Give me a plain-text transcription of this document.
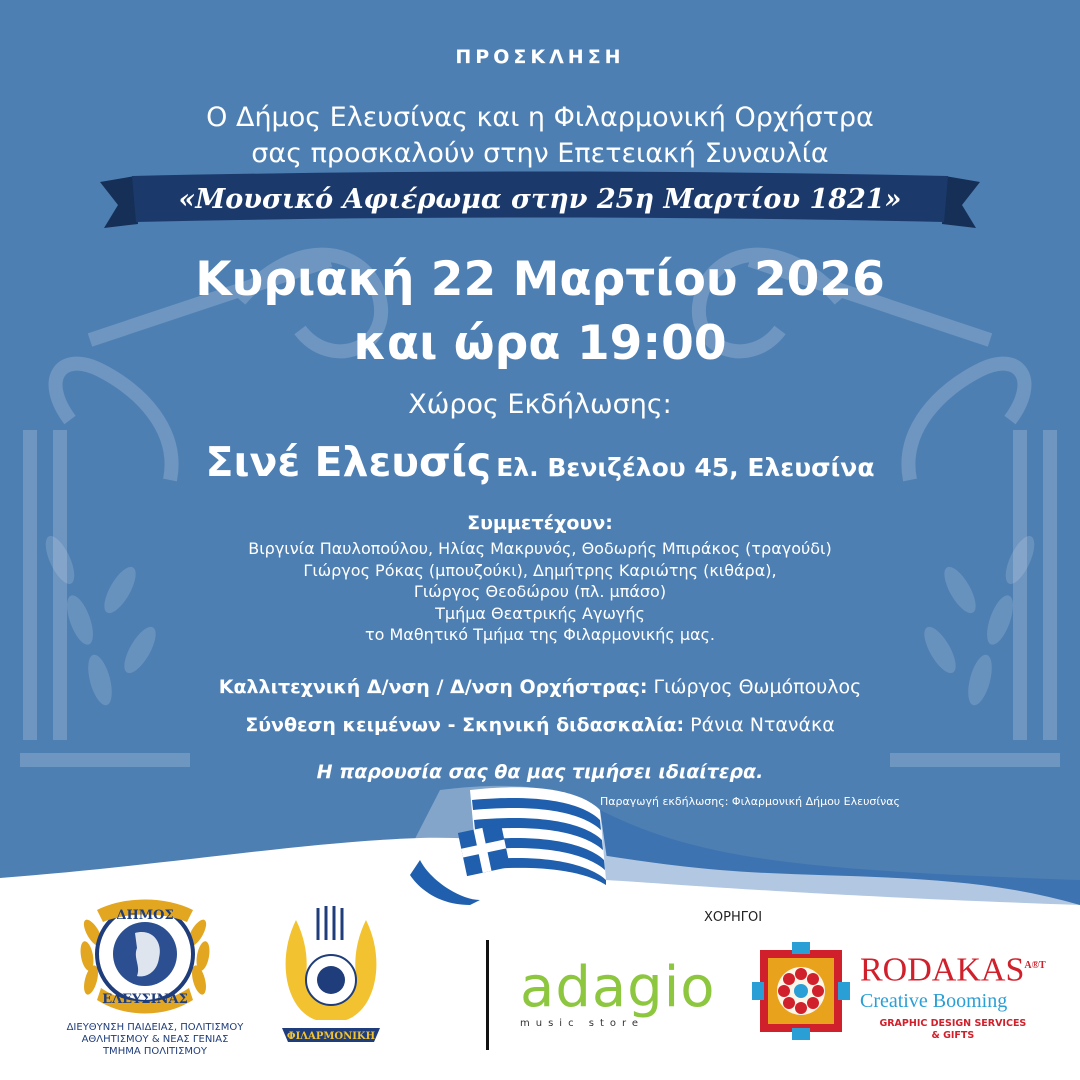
ΠΡΟΣΚΛΗΣΗ
Ο Δήμος Ελευσίνας και η Φιλαρμονική Ορχήστρα
σας προσκαλούν στην Επετειακή Συναυλία
«Μουσικό Αφιέρωμα στην 25η Μαρτίου 1821»
Κυριακή 22 Μαρτίου 2026
και ώρα 19:00
Χώρος Εκδήλωσης:
Σινέ Ελευσίς Ελ. Βενιζέλου 45, Ελευσίνα
Συμμετέχουν:
Βιργινία Παυλοπούλου, Ηλίας Μακρυνός, Θοδωρής Μπιράκος (τραγούδι)
Γιώργος Ρόκας (μπουζούκι), Δημήτρης Καριώτης (κιθάρα),
Γιώργος Θεοδώρου (πλ. μπάσο)
Τμήμα Θεατρικής Αγωγής
το Μαθητικό Τμήμα της Φιλαρμονικής μας.
Καλλιτεχνική Δ/νση / Δ/νση Ορχήστρας: Γιώργος Θωμόπουλος
Σύνθεση κειμένων - Σκηνική διδασκαλία: Ράνια Ντανάκα
Η παρουσία σας θα μας τιμήσει ιδιαίτερα.
Παραγωγή εκδήλωσης: Φιλαρμονική Δήμου Ελευσίνας
ΔΗΜΟΣ
ΕΛΕΥΣΙΝΑΣ
ΔΙΕΥΘΥΝΣΗ ΠΑΙΔΕΙΑΣ, ΠΟΛΙΤΙΣΜΟΥ
ΑΘΛΗΤΙΣΜΟΥ & ΝΕΑΣ ΓΕΝΙΑΣ
ΤΜΗΜΑ ΠΟΛΙΤΙΣΜΟΥ
ΦΙΛΑΡΜΟΝΙΚΗ
ΧΟΡΗΓΟΙ
adagio
music store
$RODAKAS^{A®T}$
Creative Booming
GRAPHIC DESIGN SERVICES
& GIFTS
